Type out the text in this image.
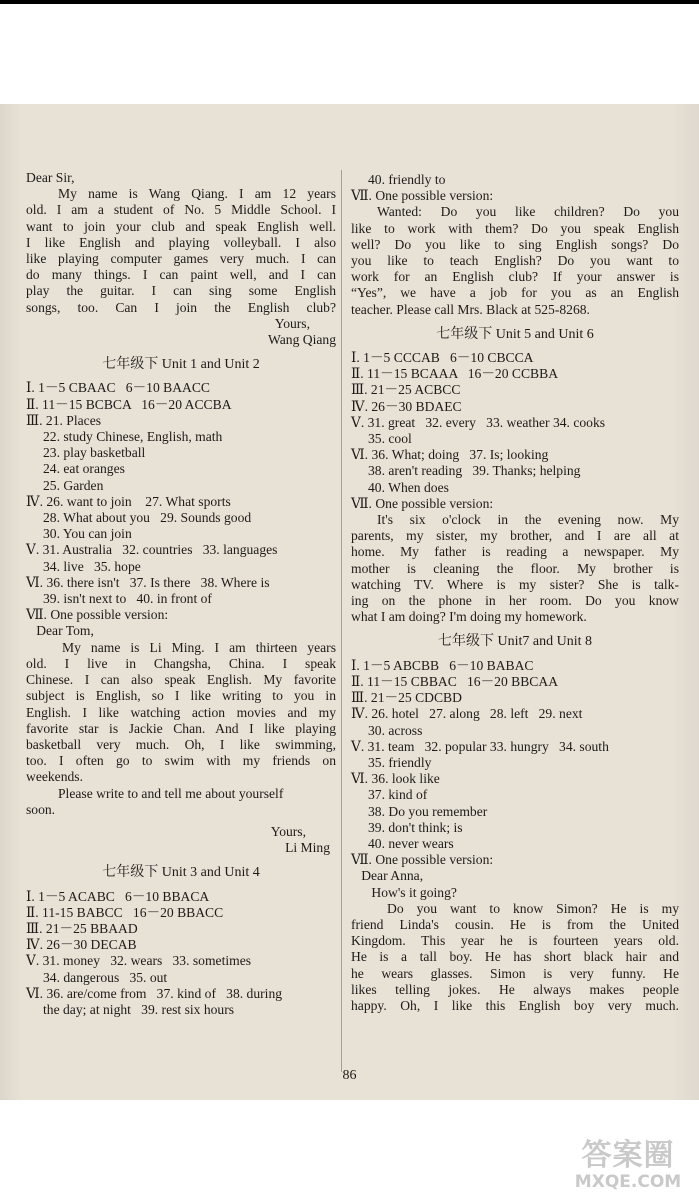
Dear Sir,
My name is Wang Qiang. I am 12 years
old. I am a student of No. 5 Middle School. I
want to join your club and speak English well.
I like English and playing volleyball. I also
like playing computer games very much. I can
do many things. I can paint well, and I can
play the guitar. I can sing some English
songs, too. Can I join the English club?
Yours,
Wang Qiang
七年级下 Unit 1 and Unit 2
Ⅰ. 1－5 CBAAC   6－10 BAACC
Ⅱ. 11－15 BCBCA   16－20 ACCBA
Ⅲ. 21. Places
22. study Chinese, English, math
23. play basketball
24. eat oranges
25. Garden
Ⅳ. 26. want to join    27. What sports
28. What about you   29. Sounds good
30. You can join
Ⅴ. 31. Australia   32. countries   33. languages
34. live   35. hope
Ⅵ. 36. there isn't   37. Is there   38. Where is
39. isn't next to   40. in front of
Ⅶ. One possible version:
Dear Tom,
My name is Li Ming. I am thirteen years
old. I live in Changsha, China. I speak
Chinese. I can also speak English. My favorite
subject is English, so I like writing to you in
English. I like watching action movies and my
favorite star is Jackie Chan. And I like playing
basketball very much. Oh, I like swimming,
too. I often go to swim with my friends on
weekends.
Please write to and tell me about yourself
soon.
Yours,
Li Ming
七年级下 Unit 3 and Unit 4
Ⅰ. 1－5 ACABC   6－10 BBACA
Ⅱ. 11-15 BABCC   16－20 BBACC
Ⅲ. 21－25 BBAAD
Ⅳ. 26－30 DECAB
Ⅴ. 31. money   32. wears   33. sometimes
34. dangerous   35. out
Ⅵ. 36. are/come from   37. kind of   38. during
the day; at night   39. rest six hours
40. friendly to
Ⅶ. One possible version:
Wanted: Do you like children? Do you
like to work with them? Do you speak English
well? Do you like to sing English songs? Do
you like to teach English? Do you want to
work for an English club? If your answer is
“Yes”, we have a job for you as an English
teacher. Please call Mrs. Black at 525-8268.
七年级下 Unit 5 and Unit 6
Ⅰ. 1－5 CCCAB   6－10 CBCCA
Ⅱ. 11－15 BCAAA   16－20 CCBBA
Ⅲ. 21－25 ACBCC
Ⅳ. 26－30 BDAEC
Ⅴ. 31. great   32. every   33. weather 34. cooks
35. cool
Ⅵ. 36. What; doing   37. Is; looking
38. aren't reading   39. Thanks; helping
40. When does
Ⅶ. One possible version:
It's six o'clock in the evening now. My
parents, my sister, my brother, and I are all at
home. My father is reading a newspaper. My
mother is cleaning the floor. My brother is
watching TV. Where is my sister? She is talk-
ing on the phone in her room. Do you know
what I am doing? I'm doing my homework.
七年级下 Unit7 and Unit 8
Ⅰ. 1－5 ABCBB   6－10 BABAC
Ⅱ. 11－15 CBBAC   16－20 BBCAA
Ⅲ. 21－25 CDCBD
Ⅳ. 26. hotel   27. along   28. left   29. next
30. across
Ⅴ. 31. team   32. popular 33. hungry   34. south
35. friendly
Ⅵ. 36. look like
37. kind of
38. Do you remember
39. don't think; is
40. never wears
Ⅶ. One possible version:
Dear Anna,
How's it going?
Do you want to know Simon? He is my
friend Linda's cousin. He is from the United
Kingdom. This year he is fourteen years old.
He is a tall boy. He has short black hair and
he wears glasses. Simon is very funny. He
likes telling jokes. He always makes people
happy. Oh, I like this English boy very much.
86
答案圈
MXQE.COM
